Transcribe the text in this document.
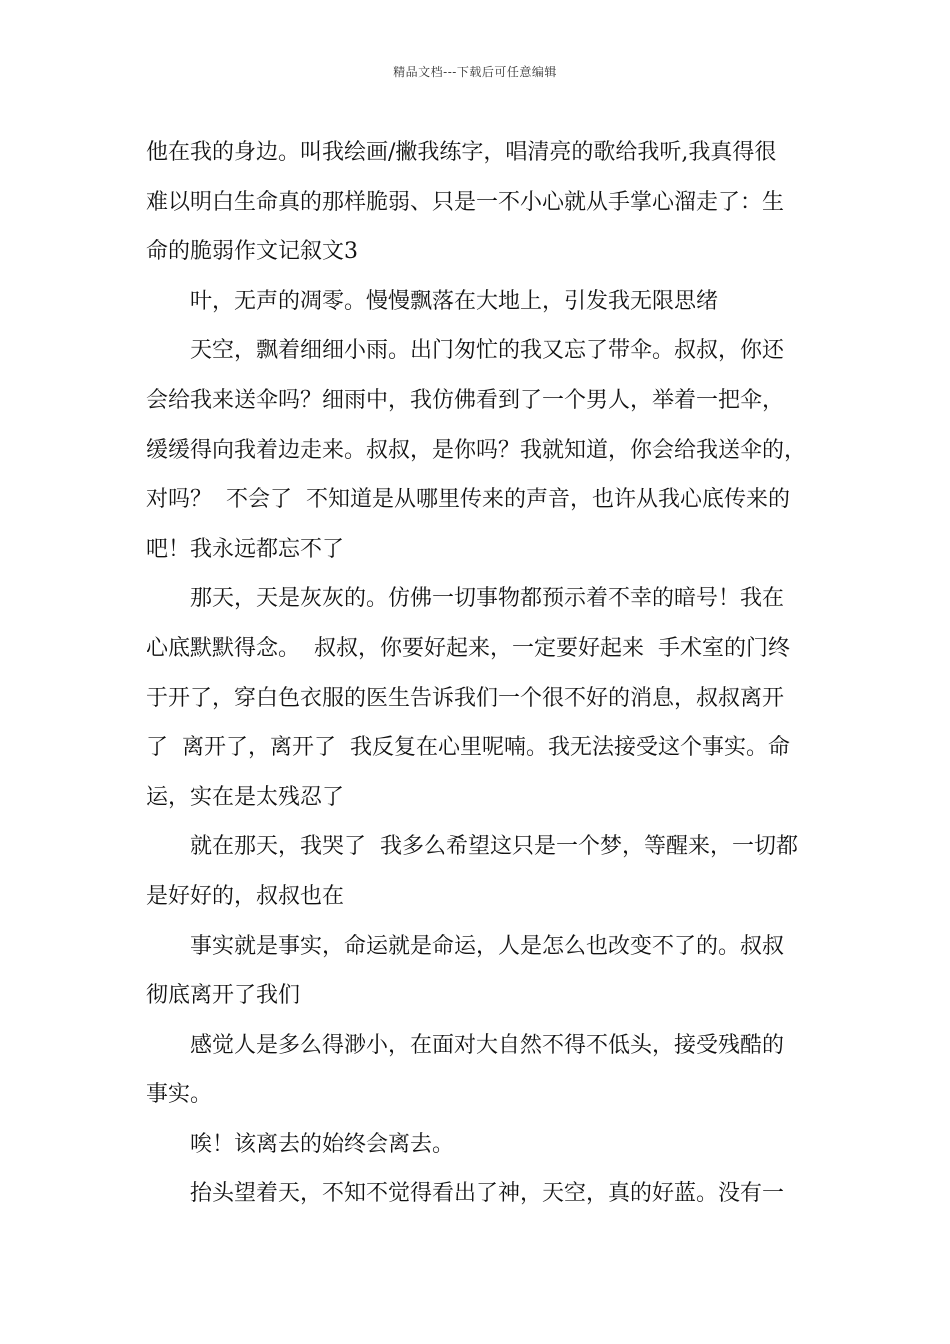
精品文档---下载后可任意编辑
他在我的身边。叫我绘画/撇我练字，唱清亮的歌给我听,我真得很
难以明白生命真的那样脆弱、只是一不小心就从手掌心溜走了：生
命的脆弱作文记叙文3
叶，无声的凋零。慢慢飘落在大地上，引发我无限思绪
天空，飘着细细小雨。出门匆忙的我又忘了带伞。叔叔，你还
会给我来送伞吗？细雨中，我仿佛看到了一个男人，举着一把伞，
缓缓得向我着边走来。叔叔，是你吗？我就知道，你会给我送伞的，
对吗？  不会了  不知道是从哪里传来的声音，也许从我心底传来的
吧！我永远都忘不了
那天，天是灰灰的。仿佛一切事物都预示着不幸的暗号！我在
心底默默得念。  叔叔，你要好起来，一定要好起来  手术室的门终
于开了，穿白色衣服的医生告诉我们一个很不好的消息，叔叔离开
了  离开了，离开了  我反复在心里呢喃。我无法接受这个事实。命
运，实在是太残忍了
就在那天，我哭了  我多么希望这只是一个梦，等醒来，一切都
是好好的，叔叔也在
事实就是事实，命运就是命运，人是怎么也改变不了的。叔叔
彻底离开了我们
感觉人是多么得渺小，在面对大自然不得不低头，接受残酷的
事实。
唉！该离去的始终会离去。
抬头望着天，不知不觉得看出了神，天空，真的好蓝。没有一
